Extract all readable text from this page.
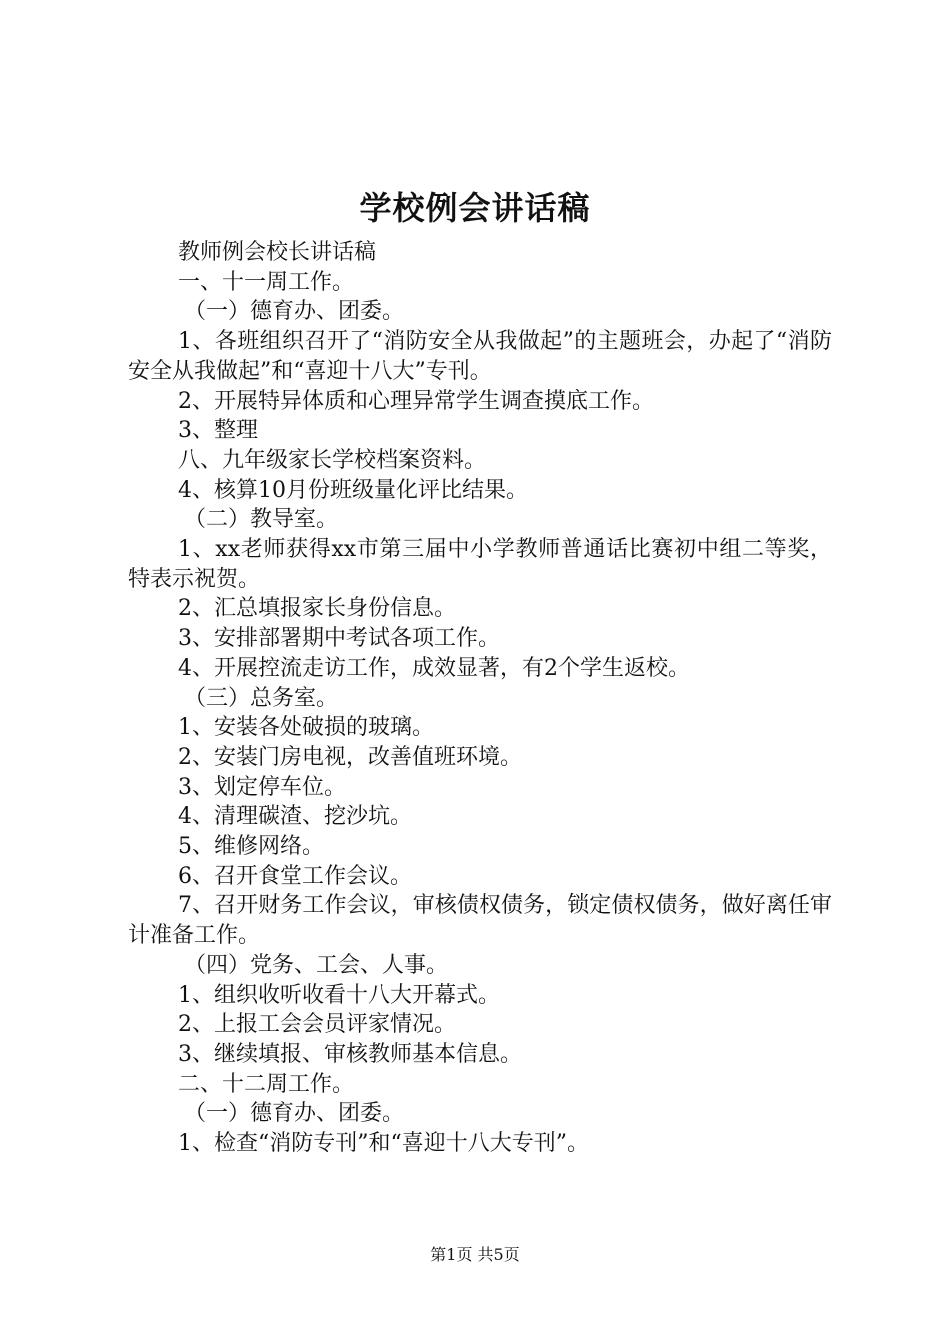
学校例会讲话稿

教师例会校长讲话稿

一、十一周工作。

（一）德育办、团委。

1、各班组织召开了“消防安全从我做起”的主题班会，办起了“消防安全从我做起”和“喜迎十八大”专刊。

2、开展特异体质和心理异常学生调查摸底工作。

3、整理

八、九年级家长学校档案资料。

4、核算10月份班级量化评比结果。

（二）教导室。

1、xx老师获得xx市第三届中小学教师普通话比赛初中组二等奖，特表示祝贺。

2、汇总填报家长身份信息。

3、安排部署期中考试各项工作。

4、开展控流走访工作，成效显著，有2个学生返校。

（三）总务室。

1、安装各处破损的玻璃。

2、安装门房电视，改善值班环境。

3、划定停车位。

4、清理碳渣、挖沙坑。

5、维修网络。

6、召开食堂工作会议。

7、召开财务工作会议，审核债权债务，锁定债权债务，做好离任审计准备工作。

（四）党务、工会、人事。

1、组织收听收看十八大开幕式。

2、上报工会会员评家情况。

3、继续填报、审核教师基本信息。

二、十二周工作。

（一）德育办、团委。

1、检查“消防专刊”和“喜迎十八大专刊”。

第1页 共5页
